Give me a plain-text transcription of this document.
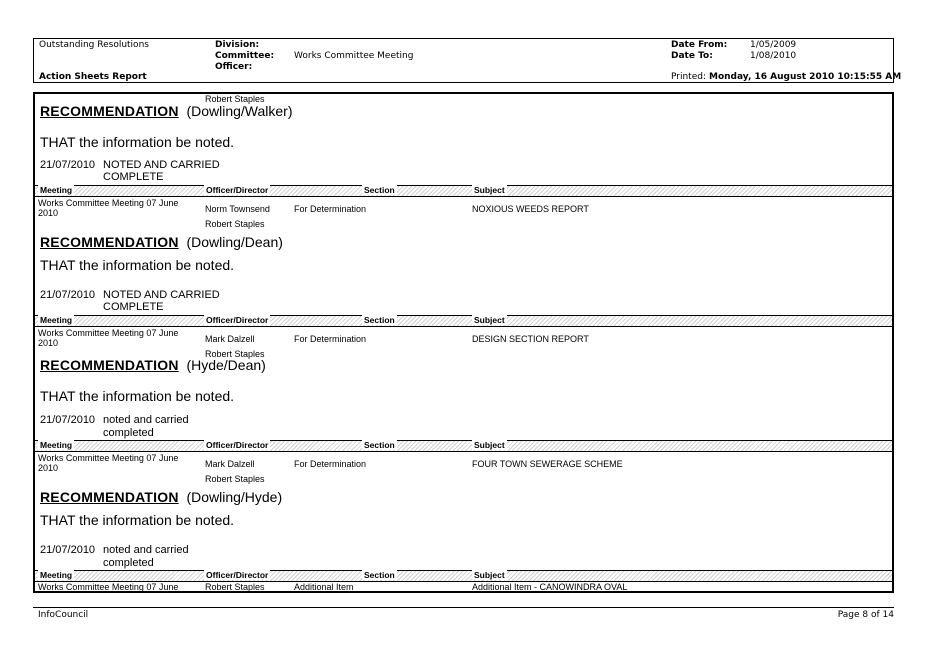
Outstanding Resolutions
Action Sheets Report
Division:
Committee: Works Committee Meeting
Officer:
Date From:	1/05/2009
Date To:	1/08/2010
Printed: Monday, 16 August 2010 10:15:55 AM
Robert Staples
RECOMMENDATION (Dowling/Walker)
THAT the information be noted.
21/07/2010 NOTED AND CARRIED
COMPLETE
Meeting	Officer/Director	Section	Subject
Works Committee Meeting 07 June
2010	Norm Townsend	For Determination	NOXIOUS WEEDS REPORT
Robert Staples
RECOMMENDATION (Dowling/Dean)
THAT the information be noted.
21/07/2010 NOTED AND CARRIED
COMPLETE
Meeting	Officer/Director	Section	Subject
Works Committee Meeting 07 June
2010	Mark Dalzell	For Determination	DESIGN SECTION REPORT
Robert Staples
RECOMMENDATION (Hyde/Dean)
THAT the information be noted.
21/07/2010 noted and carried
completed
Meeting	Officer/Director	Section	Subject
Works Committee Meeting 07 June
2010	Mark Dalzell	For Determination	FOUR TOWN SEWERAGE SCHEME
Robert Staples
RECOMMENDATION (Dowling/Hyde)
THAT the information be noted.
21/07/2010 noted and carried
completed
Meeting	Officer/Director	Section	Subject
Works Committee Meeting 07 June	Robert Staples	Additional Item	Additional Item - CANOWINDRA OVAL
InfoCouncil	Page 8 of 14
